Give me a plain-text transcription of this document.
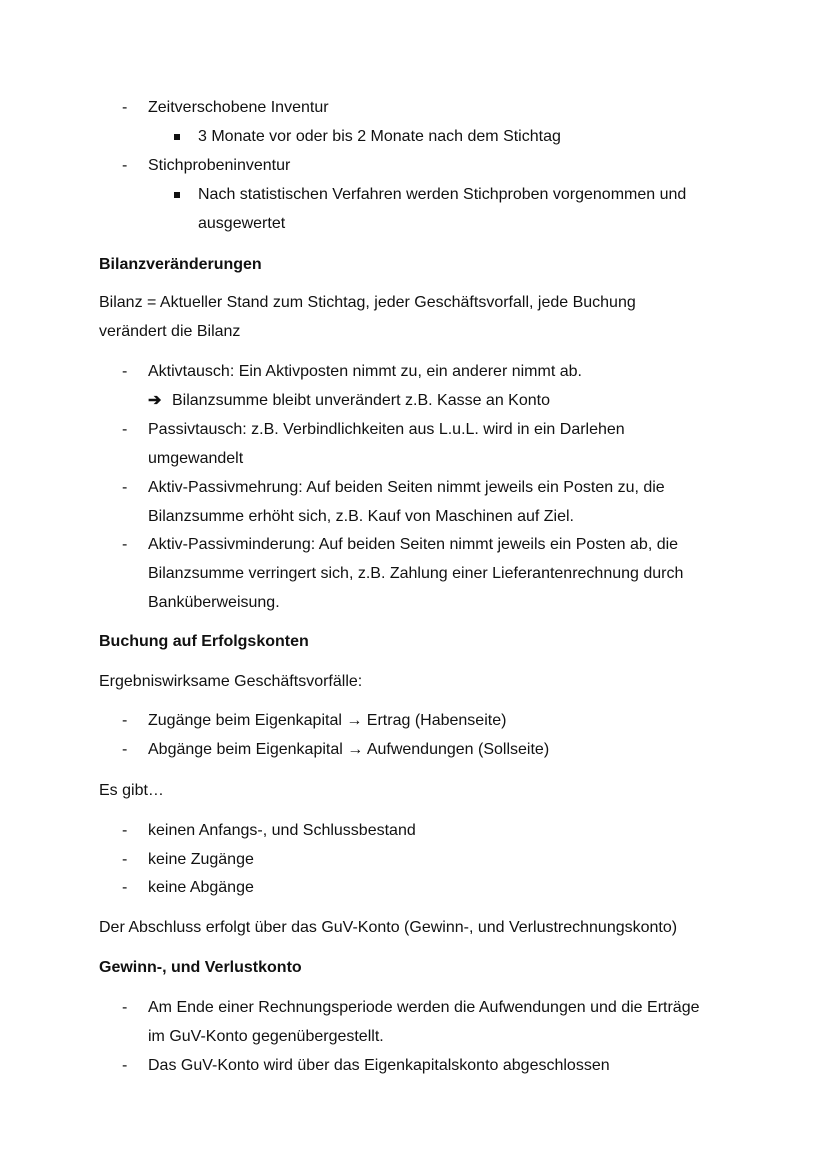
- Zeitverschobene Inventur
3 Monate vor oder bis 2 Monate nach dem Stichtag
- Stichprobeninventur
Nach statistischen Verfahren werden Stichproben vorgenommen und
ausgewertet
Bilanzveränderungen
Bilanz = Aktueller Stand zum Stichtag, jeder Geschäftsvorfall, jede Buchung
verändert die Bilanz
- Aktivtausch: Ein Aktivposten nimmt zu, ein anderer nimmt ab.
➔ Bilanzsumme bleibt unverändert z.B. Kasse an Konto
- Passivtausch: z.B. Verbindlichkeiten aus L.u.L. wird in ein Darlehen
umgewandelt
- Aktiv-Passivmehrung: Auf beiden Seiten nimmt jeweils ein Posten zu, die
Bilanzsumme erhöht sich, z.B. Kauf von Maschinen auf Ziel.
- Aktiv-Passivminderung: Auf beiden Seiten nimmt jeweils ein Posten ab, die
Bilanzsumme verringert sich, z.B. Zahlung einer Lieferantenrechnung durch
Banküberweisung.
Buchung auf Erfolgskonten
Ergebniswirksame Geschäftsvorfälle:
- Zugänge beim Eigenkapital → Ertrag (Habenseite)
- Abgänge beim Eigenkapital → Aufwendungen (Sollseite)
Es gibt…
- keinen Anfangs-, und Schlussbestand
- keine Zugänge
- keine Abgänge
Der Abschluss erfolgt über das GuV-Konto (Gewinn-, und Verlustrechnungskonto)
Gewinn-, und Verlustkonto
- Am Ende einer Rechnungsperiode werden die Aufwendungen und die Erträge
im GuV-Konto gegenübergestellt.
- Das GuV-Konto wird über das Eigenkapitalskonto abgeschlossen
